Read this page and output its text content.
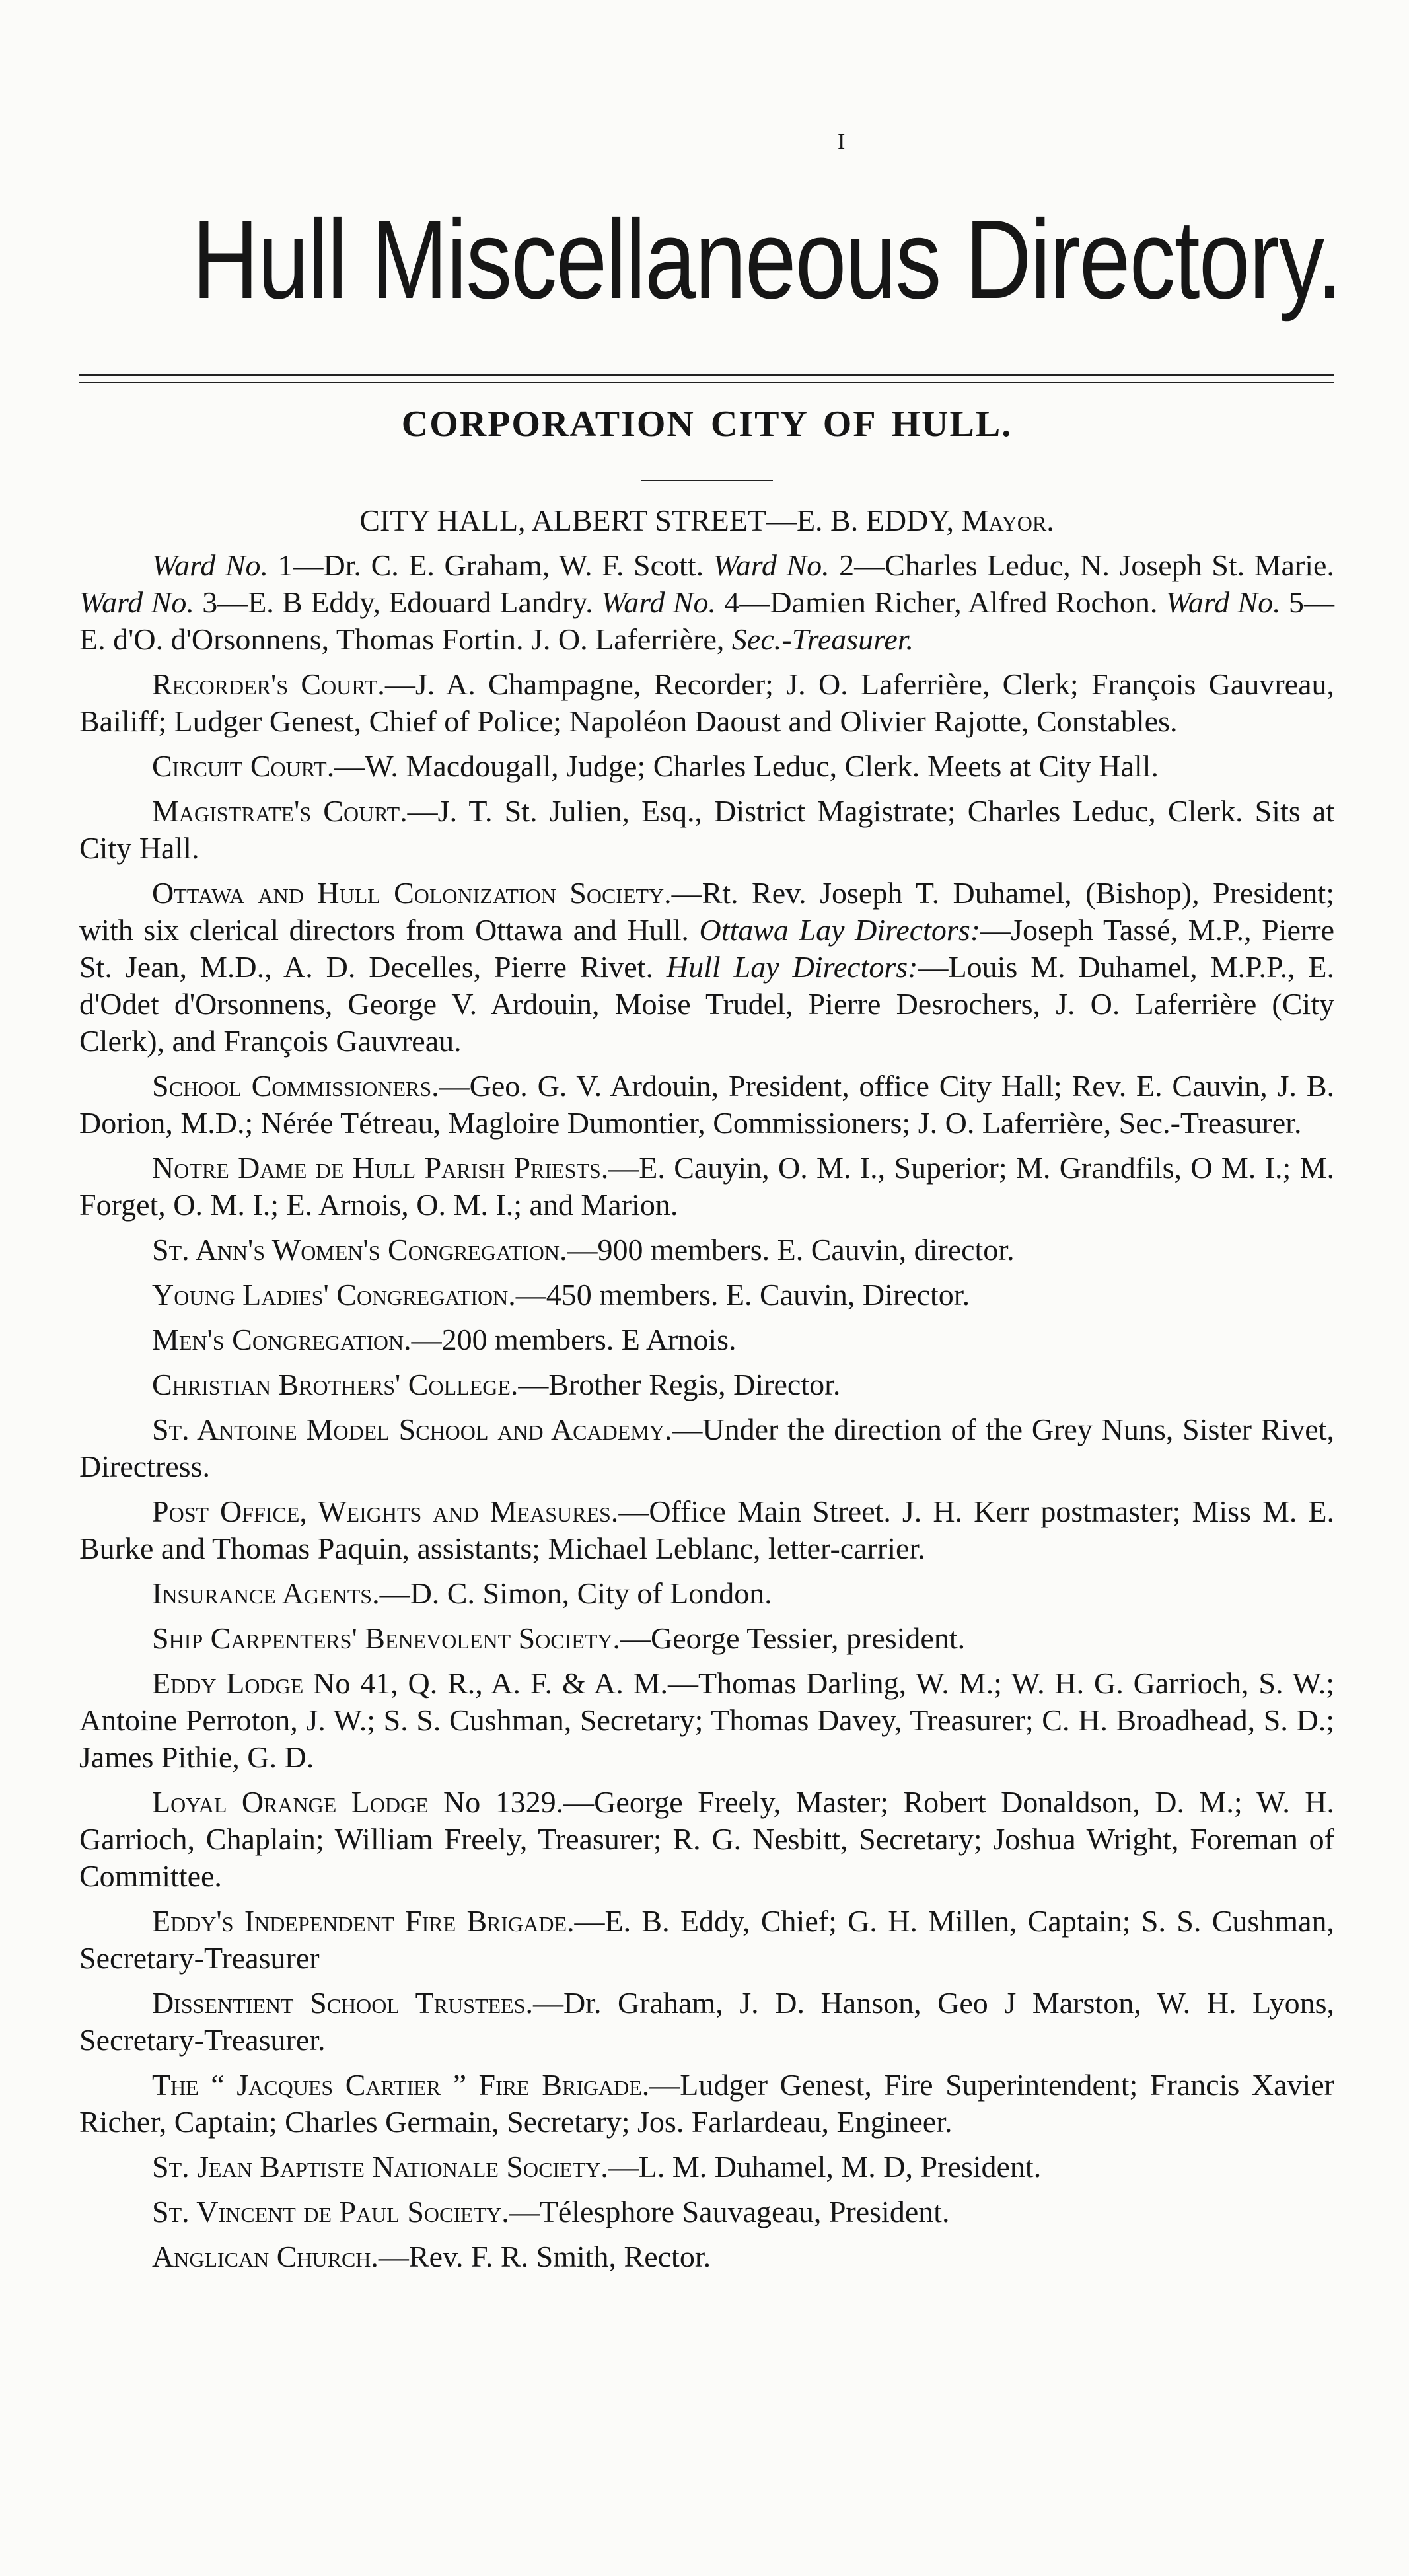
I
Hull Miscellaneous Directory.
CORPORATION CITY OF HULL.

CITY HALL, ALBERT STREET—E. B. EDDY, Mayor.

Ward No. 1—Dr. C. E. Graham, W. F. Scott. Ward No. 2—Charles Leduc, N. Joseph St. Marie. Ward No. 3—E. B Eddy, Edouard Landry. Ward No. 4—Damien Richer, Alfred Rochon. Ward No. 5—E. d'O. d'Orsonnens, Thomas Fortin. J. O. Laferrière, Sec.-Treasurer.

Recorder's Court.—J. A. Champagne, Recorder; J. O. Laferrière, Clerk; François Gauvreau, Bailiff; Ludger Genest, Chief of Police; Napoléon Daoust and Olivier Rajotte, Constables.

Circuit Court.—W. Macdougall, Judge; Charles Leduc, Clerk. Meets at City Hall.

Magistrate's Court.—J. T. St. Julien, Esq., District Magistrate; Charles Leduc, Clerk. Sits at City Hall.

Ottawa and Hull Colonization Society.—Rt. Rev. Joseph T. Duhamel, (Bishop), President; with six clerical directors from Ottawa and Hull. Ottawa Lay Directors:—Joseph Tassé, M.P., Pierre St. Jean, M.D., A. D. Decelles, Pierre Rivet. Hull Lay Directors:—Louis M. Duhamel, M.P.P., E. d'Odet d'Orsonnens, George V. Ardouin, Moise Trudel, Pierre Desrochers, J. O. Laferrière (City Clerk), and François Gauvreau.

School Commissioners.—Geo. G. V. Ardouin, President, office City Hall; Rev. E. Cauvin, J. B. Dorion, M.D.; Nérée Tétreau, Magloire Dumontier, Commissioners; J. O. Laferrière, Sec.-Treasurer.

Notre Dame de Hull Parish Priests.—E. Cauyin, O. M. I., Superior; M. Grandfils, O M. I.; M. Forget, O. M. I.; E. Arnois, O. M. I.; and Marion.

St. Ann's Women's Congregation.—900 members. E. Cauvin, director.

Young Ladies' Congregation.—450 members. E. Cauvin, Director.

Men's Congregation.—200 members. E Arnois.

Christian Brothers' College.—Brother Regis, Director.

St. Antoine Model School and Academy.—Under the direction of the Grey Nuns, Sister Rivet, Directress.

Post Office, Weights and Measures.—Office Main Street. J. H. Kerr postmaster; Miss M. E. Burke and Thomas Paquin, assistants; Michael Leblanc, letter-carrier.

Insurance Agents.—D. C. Simon, City of London.

Ship Carpenters' Benevolent Society.—George Tessier, president.

Eddy Lodge No 41, Q. R., A. F. & A. M.—Thomas Darling, W. M.; W. H. G. Garrioch, S. W.; Antoine Perroton, J. W.; S. S. Cushman, Secretary; Thomas Davey, Treasurer; C. H. Broadhead, S. D.; James Pithie, G. D.

Loyal Orange Lodge No 1329.—George Freely, Master; Robert Donaldson, D. M.; W. H. Garrioch, Chaplain; William Freely, Treasurer; R. G. Nesbitt, Secretary; Joshua Wright, Foreman of Committee.

Eddy's Independent Fire Brigade.—E. B. Eddy, Chief; G. H. Millen, Captain; S. S. Cushman, Secretary-Treasurer

Dissentient School Trustees.—Dr. Graham, J. D. Hanson, Geo J Marston, W. H. Lyons, Secretary-Treasurer.

The “ Jacques Cartier ” Fire Brigade.—Ludger Genest, Fire Superintendent; Francis Xavier Richer, Captain; Charles Germain, Secretary; Jos. Farlardeau, Engineer.

St. Jean Baptiste Nationale Society.—L. M. Duhamel, M. D, President.

St. Vincent de Paul Society.—Télesphore Sauvageau, President.

Anglican Church.—Rev. F. R. Smith, Rector.
